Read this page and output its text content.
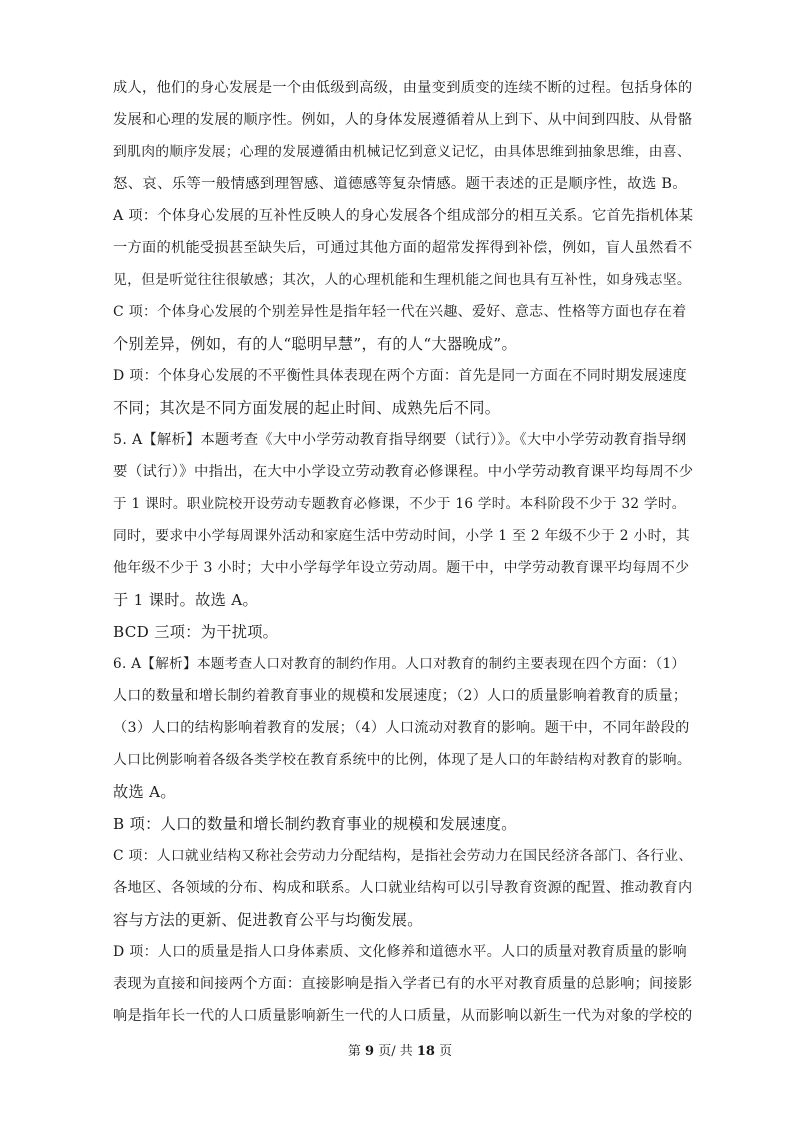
成人，他们的身心发展是一个由低级到高级，由量变到质变的连续不断的过程。包括身体的
发展和心理的发展的顺序性。例如，人的身体发展遵循着从上到下、从中间到四肢、从骨骼
到肌肉的顺序发展；心理的发展遵循由机械记忆到意义记忆，由具体思维到抽象思维，由喜、
怒、哀、乐等一般情感到理智感、道德感等复杂情感。题干表述的正是顺序性，故选 B。
A 项：个体身心发展的互补性反映人的身心发展各个组成部分的相互关系。它首先指机体某
一方面的机能受损甚至缺失后，可通过其他方面的超常发挥得到补偿，例如，盲人虽然看不
见，但是听觉往往很敏感；其次，人的心理机能和生理机能之间也具有互补性，如身残志坚。
C 项：个体身心发展的个别差异性是指年轻一代在兴趣、爱好、意志、性格等方面也存在着
个别差异，例如，有的人“聪明早慧”，有的人“大器晚成”。
D 项：个体身心发展的不平衡性具体表现在两个方面：首先是同一方面在不同时期发展速度
不同；其次是不同方面发展的起止时间、成熟先后不同。
5. A【解析】本题考查《大中小学劳动教育指导纲要（试行）》。《大中小学劳动教育指导纲
要（试行）》中指出，在大中小学设立劳动教育必修课程。中小学劳动教育课平均每周不少
于 1 课时。职业院校开设劳动专题教育必修课，不少于 16 学时。本科阶段不少于 32 学时。
同时，要求中小学每周课外活动和家庭生活中劳动时间，小学 1 至 2 年级不少于 2 小时，其
他年级不少于 3 小时；大中小学每学年设立劳动周。题干中，中学劳动教育课平均每周不少
于 1 课时。故选 A。
BCD 三项：为干扰项。
6. A【解析】本题考查人口对教育的制约作用。人口对教育的制约主要表现在四个方面：（1）
人口的数量和增长制约着教育事业的规模和发展速度；（2）人口的质量影响着教育的质量；
（3）人口的结构影响着教育的发展；（4）人口流动对教育的影响。题干中，不同年龄段的
人口比例影响着各级各类学校在教育系统中的比例，体现了是人口的年龄结构对教育的影响。
故选 A。
B 项：人口的数量和增长制约教育事业的规模和发展速度。
C 项：人口就业结构又称社会劳动力分配结构，是指社会劳动力在国民经济各部门、各行业、
各地区、各领域的分布、构成和联系。人口就业结构可以引导教育资源的配置、推动教育内
容与方法的更新、促进教育公平与均衡发展。
D 项：人口的质量是指人口身体素质、文化修养和道德水平。人口的质量对教育质量的影响
表现为直接和间接两个方面：直接影响是指入学者已有的水平对教育质量的总影响；间接影
响是指年长一代的人口质量影响新生一代的人口质量，从而影响以新生一代为对象的学校的
第 9 页/ 共 18 页
